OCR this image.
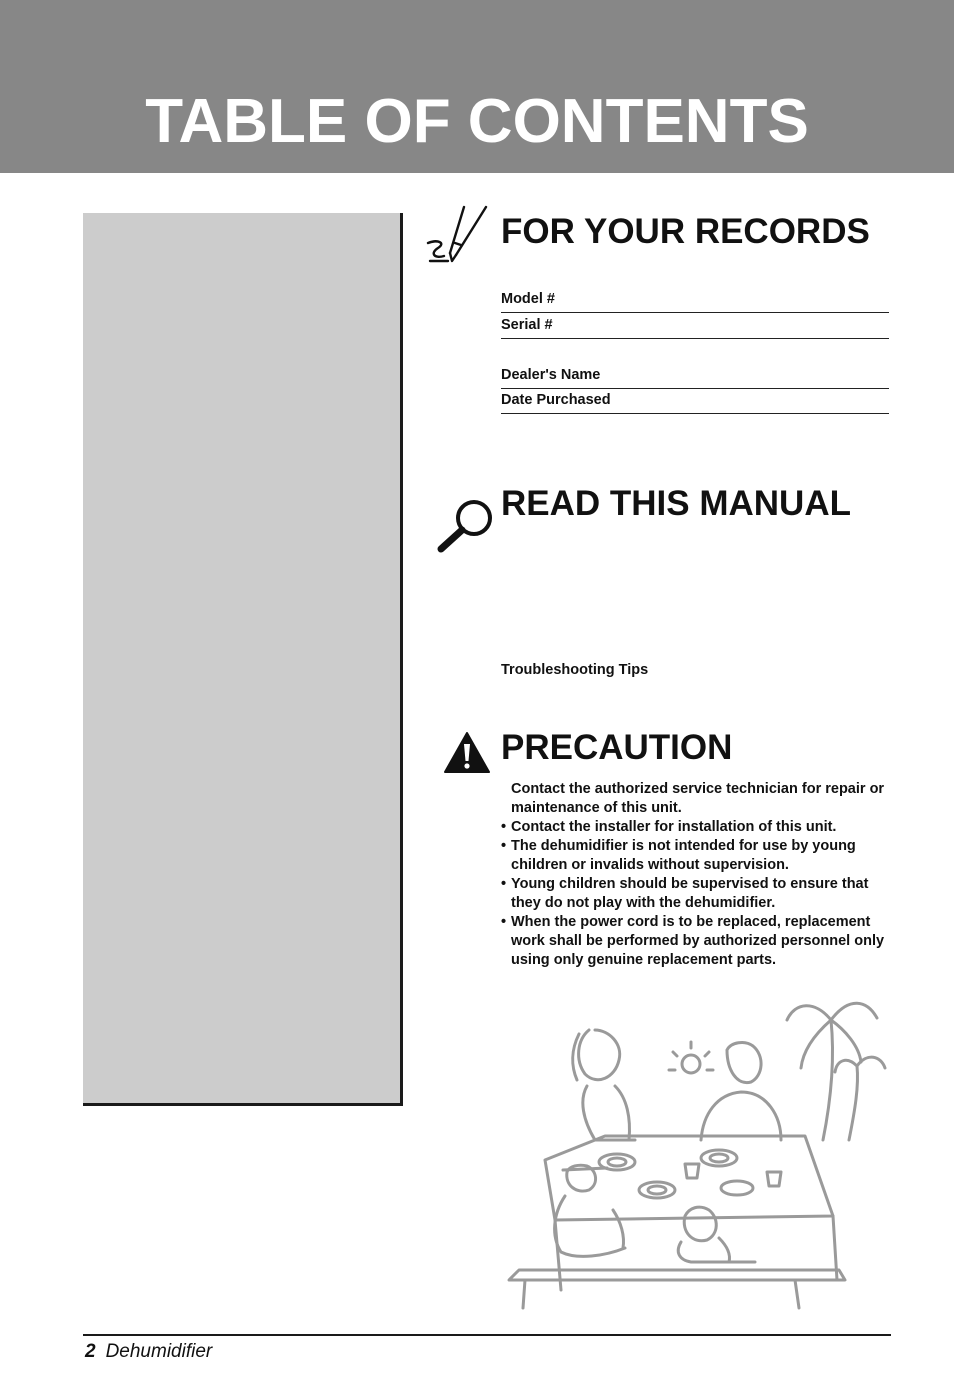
TABLE OF CONTENTS
FOR YOUR RECORDS
Model #
Serial #
Dealer's Name
Date Purchased
READ THIS MANUAL
Troubleshooting Tips
PRECAUTION
Contact the authorized service technician for repair or maintenance of this unit.
• Contact the installer for installation of this unit.
• The dehumidifier is not intended for use by young children or invalids without supervision.
• Young children should be supervised to ensure that they do not play with the dehumidifier.
• When the power cord is to be replaced, replacement work shall be performed by authorized personnel only using only genuine replacement parts.
2 Dehumidifier
